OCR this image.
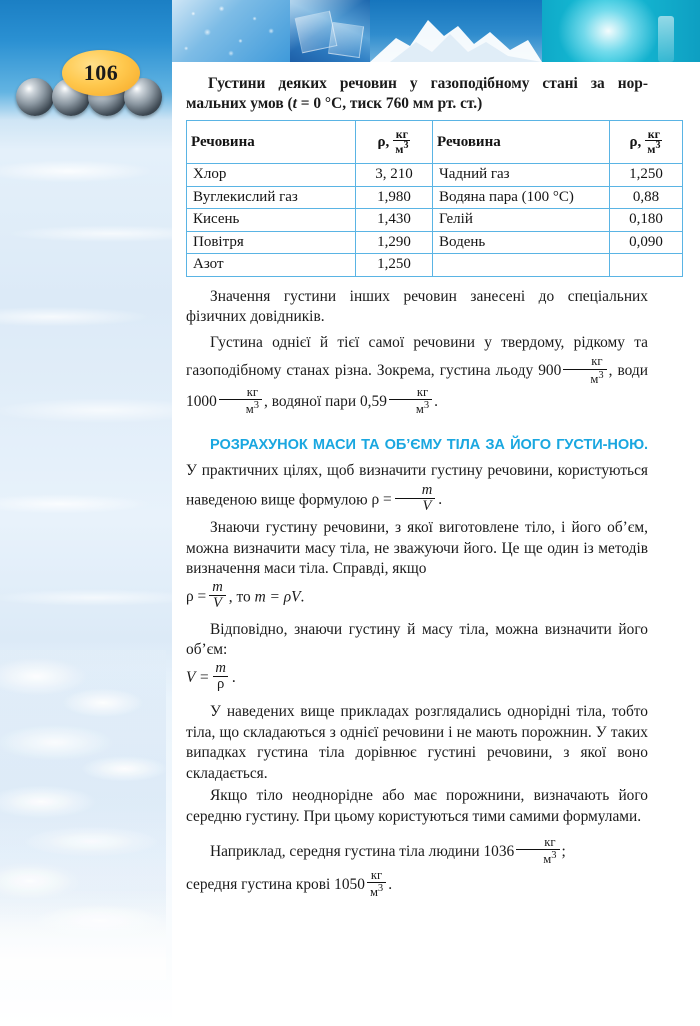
106	Густини деяких речовин у газоподібному стані за нор- мальних умов (t = 0 °C, тиск 760 мм рт. ст.)
Речовина	ρ, $\frac{кг}{м^3}$	Речовина	ρ, $\frac{кг}{м^3}$

Хлор	3, 210	Чадний газ	1,250
Вуглекислий газ	1,980	Водяна пара (100 °C)	0,88
Кисень	1,430	Гелій	0,180
Повітря	1,290	Водень	0,090
Азот	1,250		

Значення густини інших речовин занесені до спеціальних фізичних довідників.

Густина однієї й тієї самої речовини у твердому, рідкому та газоподібному станах різна. Зокрема, густина льоду 900
кг
$м^3$ , води 1000
кг
$м^3$ , водяної пари 0,59
кг
$м^3$ .

РОЗРАХУНОК МАСИ ТА ОБ’ЄМУ ТІЛА ЗА ЙОГО ГУСТИ-НОЮ. У практичних цілях, щоб визначити густину речовини, користуються наведеною вище формулою $\rho = \frac{m}{V}$ .

Знаючи густину речовини, з якої виготовлене тіло, і його об’єм, можна визначити масу тіла, не зважуючи його. Це ще один із методів визначення маси тіла. Справді, якщо

$\rho = \frac{m}{V}$ , то m = ρV.

Відповідно, знаючи густину й масу тіла, можна визначити його об’єм:

$V = \frac{m}{\rho}$ .

У наведених вище прикладах розглядались однорідні тіла, тобто тіла, що складаються з однієї речовини і не мають порожнин. У таких випадках густина тіла дорівнює густині речовини, з якої воно складається.

Якщо тіло неоднорідне або має порожнини, визначають його середню густину. При цьому користуються тими самими формулами.

Наприклад, середня густина тіла людини 1036
кг
$м^3$ ;

середня густина крові 1050
кг
$м^3$ .
